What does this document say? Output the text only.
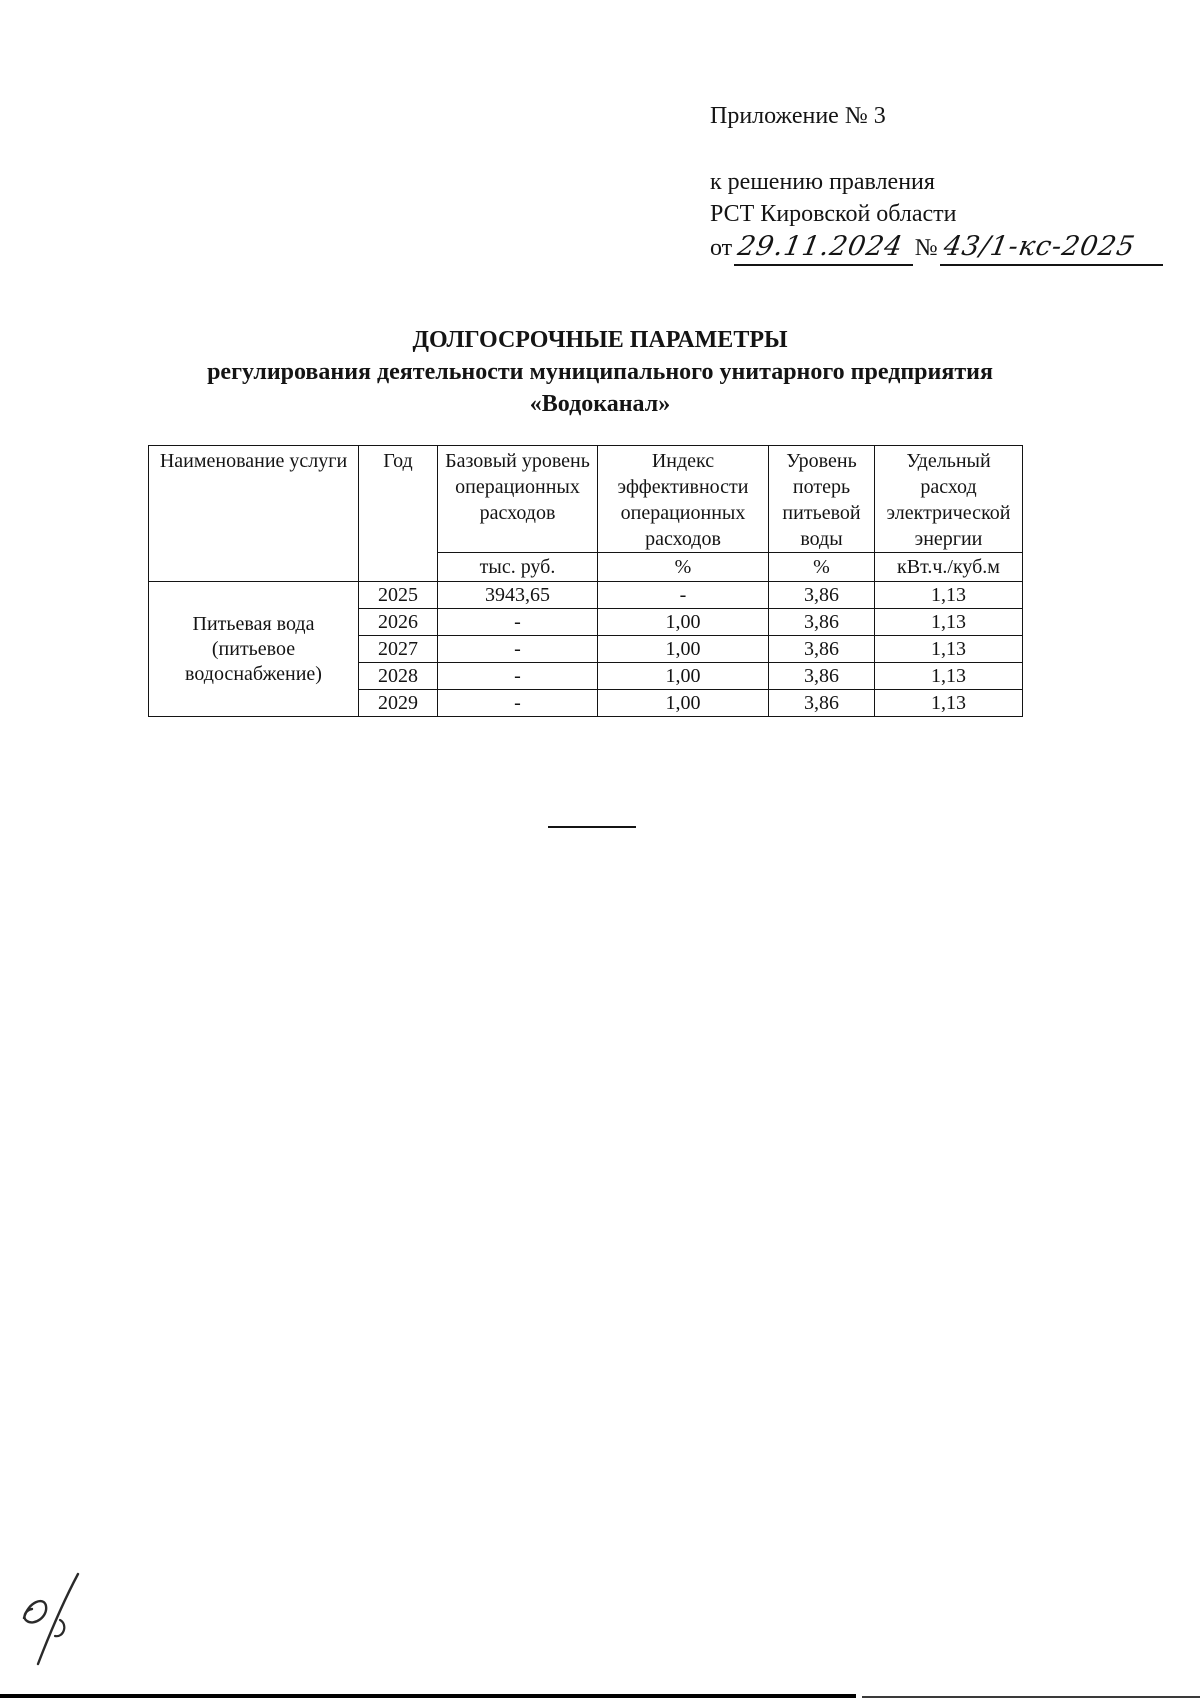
Приложение № 3
к решению правления
РСТ Кировской области
от 29.11.2024 № 43/1-кс-2025
ДОЛГОСРОЧНЫЕ ПАРАМЕТРЫ
регулирования деятельности муниципального унитарного предприятия
«Водоканал»
Наименование услуги	Год	Базовый уровень операционных расходов	Индекс эффективности операционных расходов	Уровень потерь питьевой воды	Удельный расход электрической энергии
		тыс. руб.	%	%	кВт.ч./куб.м
Питьевая вода (питьевое водоснабжение)	2025	3943,65	-	3,86	1,13
	2026	-	1,00	3,86	1,13
	2027	-	1,00	3,86	1,13
	2028	-	1,00	3,86	1,13
	2029	-	1,00	3,86	1,13
